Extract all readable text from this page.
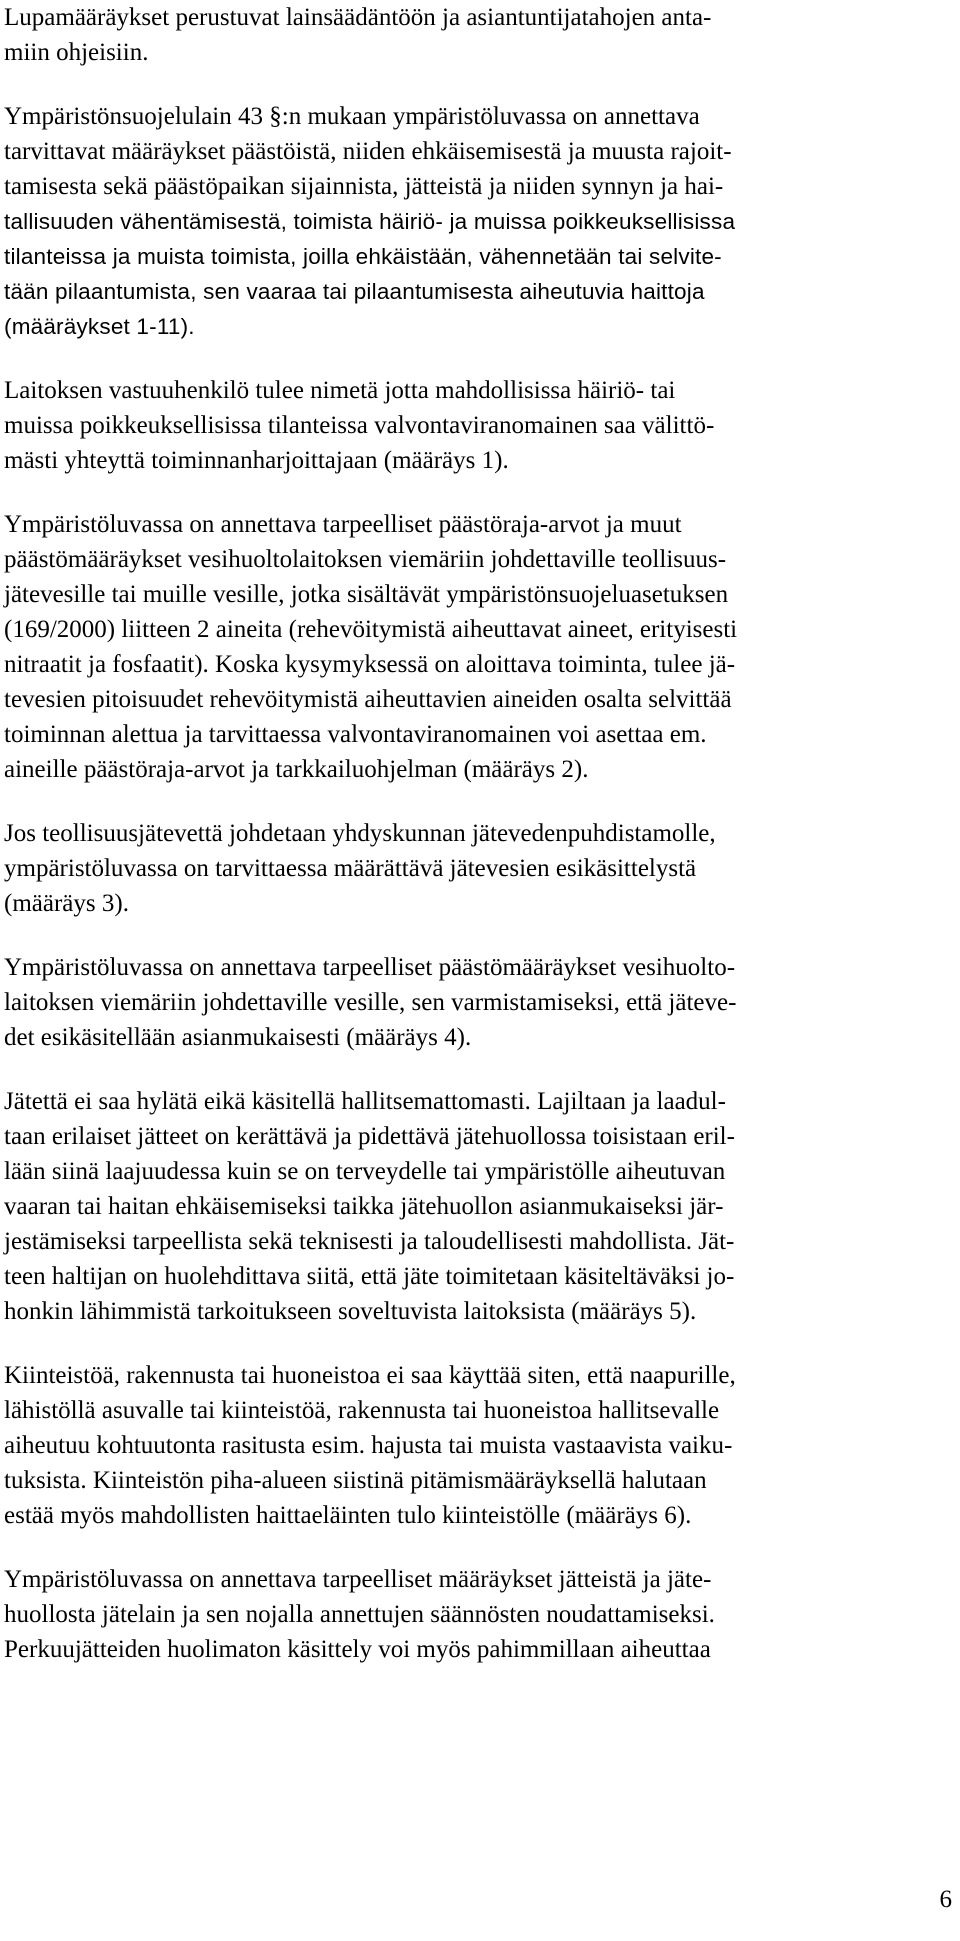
Lupamääräykset perustuvat lainsäädäntöön ja asiantuntijatahojen anta-
miin ohjeisiin.
Ympäristönsuojelulain 43 §:n mukaan ympäristöluvassa on annettava
tarvittavat määräykset päästöistä, niiden ehkäisemisestä ja muusta rajoit-
tamisesta sekä päästöpaikan sijainnista, jätteistä ja niiden synnyn ja hai-
tallisuuden vähentämisestä, toimista häiriö- ja muissa poikkeuksellisissa
tilanteissa ja muista toimista, joilla ehkäistään, vähennetään tai selvite-
tään pilaantumista, sen vaaraa tai pilaantumisesta aiheutuvia haittoja
(määräykset 1-11).
Laitoksen vastuuhenkilö tulee nimetä jotta mahdollisissa häiriö- tai
muissa poikkeuksellisissa tilanteissa valvontaviranomainen saa välittö-
mästi yhteyttä toiminnanharjoittajaan (määräys 1).
Ympäristöluvassa on annettava tarpeelliset päästöraja-arvot ja muut
päästömääräykset vesihuoltolaitoksen viemäriin johdettaville teollisuus-
jätevesille tai muille vesille, jotka sisältävät ympäristönsuojeluasetuksen
(169/2000) liitteen 2 aineita (rehevöitymistä aiheuttavat aineet, erityisesti
nitraatit ja fosfaatit). Koska kysymyksessä on aloittava toiminta, tulee jä-
tevesien pitoisuudet rehevöitymistä aiheuttavien aineiden osalta selvittää
toiminnan alettua ja tarvittaessa valvontaviranomainen voi asettaa em.
aineille päästöraja-arvot ja tarkkailuohjelman (määräys 2).
Jos teollisuusjätevettä johdetaan yhdyskunnan jätevedenpuhdistamolle,
ympäristöluvassa on tarvittaessa määrättävä jätevesien esikäsittelystä
(määräys 3).
Ympäristöluvassa on annettava tarpeelliset päästömääräykset vesihuolto-
laitoksen viemäriin johdettaville vesille, sen varmistamiseksi, että jäteve-
det esikäsitellään asianmukaisesti (määräys 4).
Jätettä ei saa hylätä eikä käsitellä hallitsemattomasti. Lajiltaan ja laadul-
taan erilaiset jätteet on kerättävä ja pidettävä jätehuollossa toisistaan eril-
lään siinä laajuudessa kuin se on terveydelle tai ympäristölle aiheutuvan
vaaran tai haitan ehkäisemiseksi taikka jätehuollon asianmukaiseksi jär-
jestämiseksi tarpeellista sekä teknisesti ja taloudellisesti mahdollista. Jät-
teen haltijan on huolehdittava siitä, että jäte toimitetaan käsiteltäväksi jo-
honkin lähimmistä tarkoitukseen soveltuvista laitoksista (määräys 5).
Kiinteistöä, rakennusta tai huoneistoa ei saa käyttää siten, että naapurille,
lähistöllä asuvalle tai kiinteistöä, rakennusta tai huoneistoa hallitsevalle
aiheutuu kohtuutonta rasitusta esim. hajusta tai muista vastaavista vaiku-
tuksista. Kiinteistön piha-alueen siistinä pitämismääräyksellä halutaan
estää myös mahdollisten haittaeläinten tulo kiinteistölle (määräys 6).
Ympäristöluvassa on annettava tarpeelliset määräykset jätteistä ja jäte-
huollosta jätelain ja sen nojalla annettujen säännösten noudattamiseksi.
Perkuujätteiden huolimaton käsittely voi myös pahimmillaan aiheuttaa
6
